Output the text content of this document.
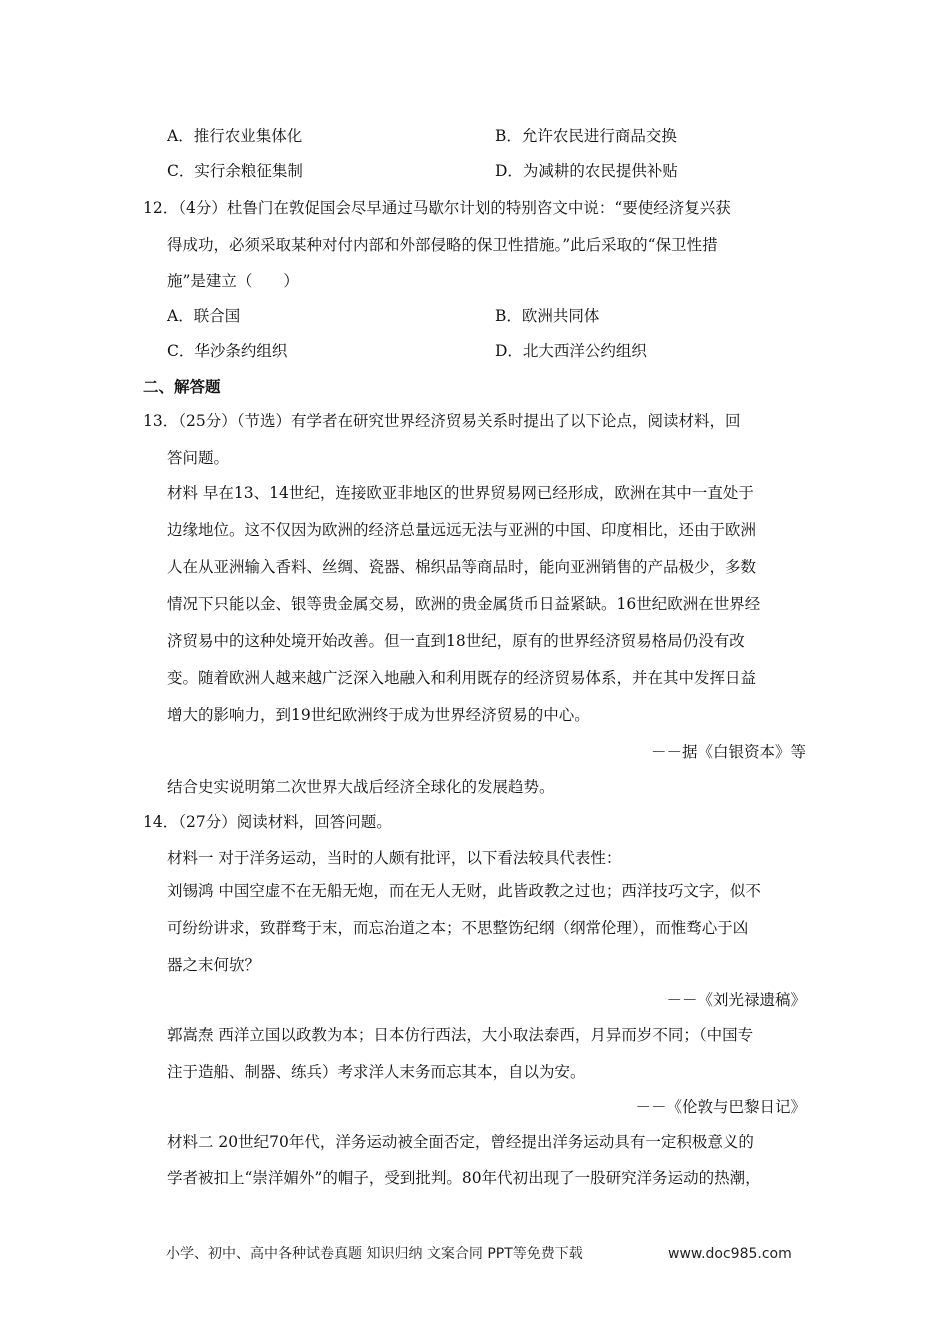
A．推行农业集体化	B．允许农民进行商品交换
C．实行余粮征集制	D．为减耕的农民提供补贴
12．（4分）杜鲁门在敦促国会尽早通过马歇尔计划的特别咨文中说：“要使经济复兴获
得成功，必须采取某种对付内部和外部侵略的保卫性措施。”此后采取的“保卫性措
施”是建立（　　）
A．联合国	B．欧洲共同体
C．华沙条约组织	D．北大西洋公约组织
二、解答题
13．（25分）（节选）有学者在研究世界经济贸易关系时提出了以下论点，阅读材料，回
答问题。
材料 早在13、14世纪，连接欧亚非地区的世界贸易网已经形成，欧洲在其中一直处于
边缘地位。这不仅因为欧洲的经济总量远远无法与亚洲的中国、印度相比，还由于欧洲
人在从亚洲输入香料、丝绸、瓷器、棉织品等商品时，能向亚洲销售的产品极少，多数
情况下只能以金、银等贵金属交易，欧洲的贵金属货币日益紧缺。16世纪欧洲在世界经
济贸易中的这种处境开始改善。但一直到18世纪，原有的世界经济贸易格局仍没有改
变。随着欧洲人越来越广泛深入地融入和利用既存的经济贸易体系，并在其中发挥日益
增大的影响力，到19世纪欧洲终于成为世界经济贸易的中心。
－－据《白银资本》等
结合史实说明第二次世界大战后经济全球化的发展趋势。
14．（27分）阅读材料，回答问题。
材料一 对于洋务运动，当时的人颇有批评，以下看法较具代表性：
刘锡鸿 中国空虚不在无船无炮，而在无人无财，此皆政教之过也；西洋技巧文字，似不
可纷纷讲求，致群骛于末，而忘治道之本；不思整饬纪纲（纲常伦理），而惟骛心于凶
器之末何欤？
－－《刘光禄遗稿》
郭嵩焘 西洋立国以政教为本；日本仿行西法，大小取法泰西，月异而岁不同；（中国专
注于造船、制器、练兵）考求洋人末务而忘其本，自以为安。
－－《伦敦与巴黎日记》
材料二 20世纪70年代，洋务运动被全面否定，曾经提出洋务运动具有一定积极意义的
学者被扣上“崇洋媚外”的帽子，受到批判。80年代初出现了一股研究洋务运动的热潮，
小学、初中、高中各种试卷真题 知识归纳 文案合同 PPT等免费下载	www.doc985.com
